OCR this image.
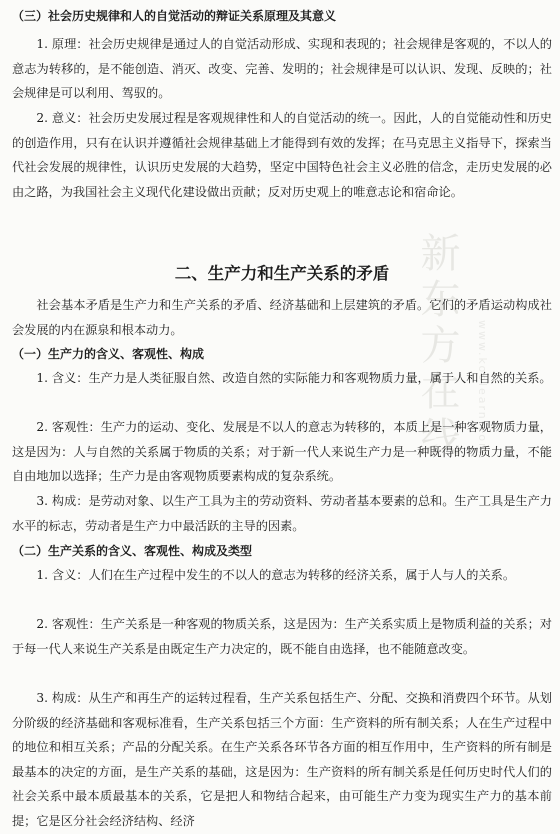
新东方在线	www.koolearn.com
（三）社会历史规律和人的自觉活动的辩证关系原理及其意义
1. 原理：社会历史规律是通过人的自觉活动形成、实现和表现的；社会规律是客观的，不以人的意志为转移的，是不能创造、消灭、改变、完善、发明的；社会规律是可以认识、发现、反映的；社会规律是可以利用、驾驭的。
2. 意义：社会历史发展过程是客观规律性和人的自觉活动的统一。因此，人的自觉能动性和历史的创造作用，只有在认识并遵循社会规律基础上才能得到有效的发挥；在马克思主义指导下，探索当代社会发展的规律性，认识历史发展的大趋势，坚定中国特色社会主义必胜的信念，走历史发展的必由之路，为我国社会主义现代化建设做出贡献；反对历史观上的唯意志论和宿命论。
二、生产力和生产关系的矛盾
社会基本矛盾是生产力和生产关系的矛盾、经济基础和上层建筑的矛盾。它们的矛盾运动构成社会发展的内在源泉和根本动力。
（一）生产力的含义、客观性、构成
1. 含义：生产力是人类征服自然、改造自然的实际能力和客观物质力量，属于人和自然的关系。
2. 客观性：生产力的运动、变化、发展是不以人的意志为转移的，本质上是一种客观物质力量，这是因为：人与自然的关系属于物质的关系；对于新一代人来说生产力是一种既得的物质力量，不能自由地加以选择；生产力是由客观物质要素构成的复杂系统。
3. 构成：是劳动对象、以生产工具为主的劳动资料、劳动者基本要素的总和。生产工具是生产力水平的标志，劳动者是生产力中最活跃的主导的因素。
（二）生产关系的含义、客观性、构成及类型
1. 含义：人们在生产过程中发生的不以人的意志为转移的经济关系，属于人与人的关系。
2. 客观性：生产关系是一种客观的物质关系，这是因为：生产关系实质上是物质利益的关系；对于每一代人来说生产关系是由既定生产力决定的，既不能自由选择，也不能随意改变。
3. 构成：从生产和再生产的运转过程看，生产关系包括生产、分配、交换和消费四个环节。从划分阶级的经济基础和客观标准看，生产关系包括三个方面：生产资料的所有制关系；人在生产过程中的地位和相互关系；产品的分配关系。在生产关系各环节各方面的相互作用中，生产资料的所有制是最基本的决定的方面，是生产关系的基础，这是因为：生产资料的所有制关系是任何历史时代人们的社会关系中最本质最基本的关系，它是把人和物结合起来，由可能生产力变为现实生产力的基本前提；它是区分社会经济结构、经济
